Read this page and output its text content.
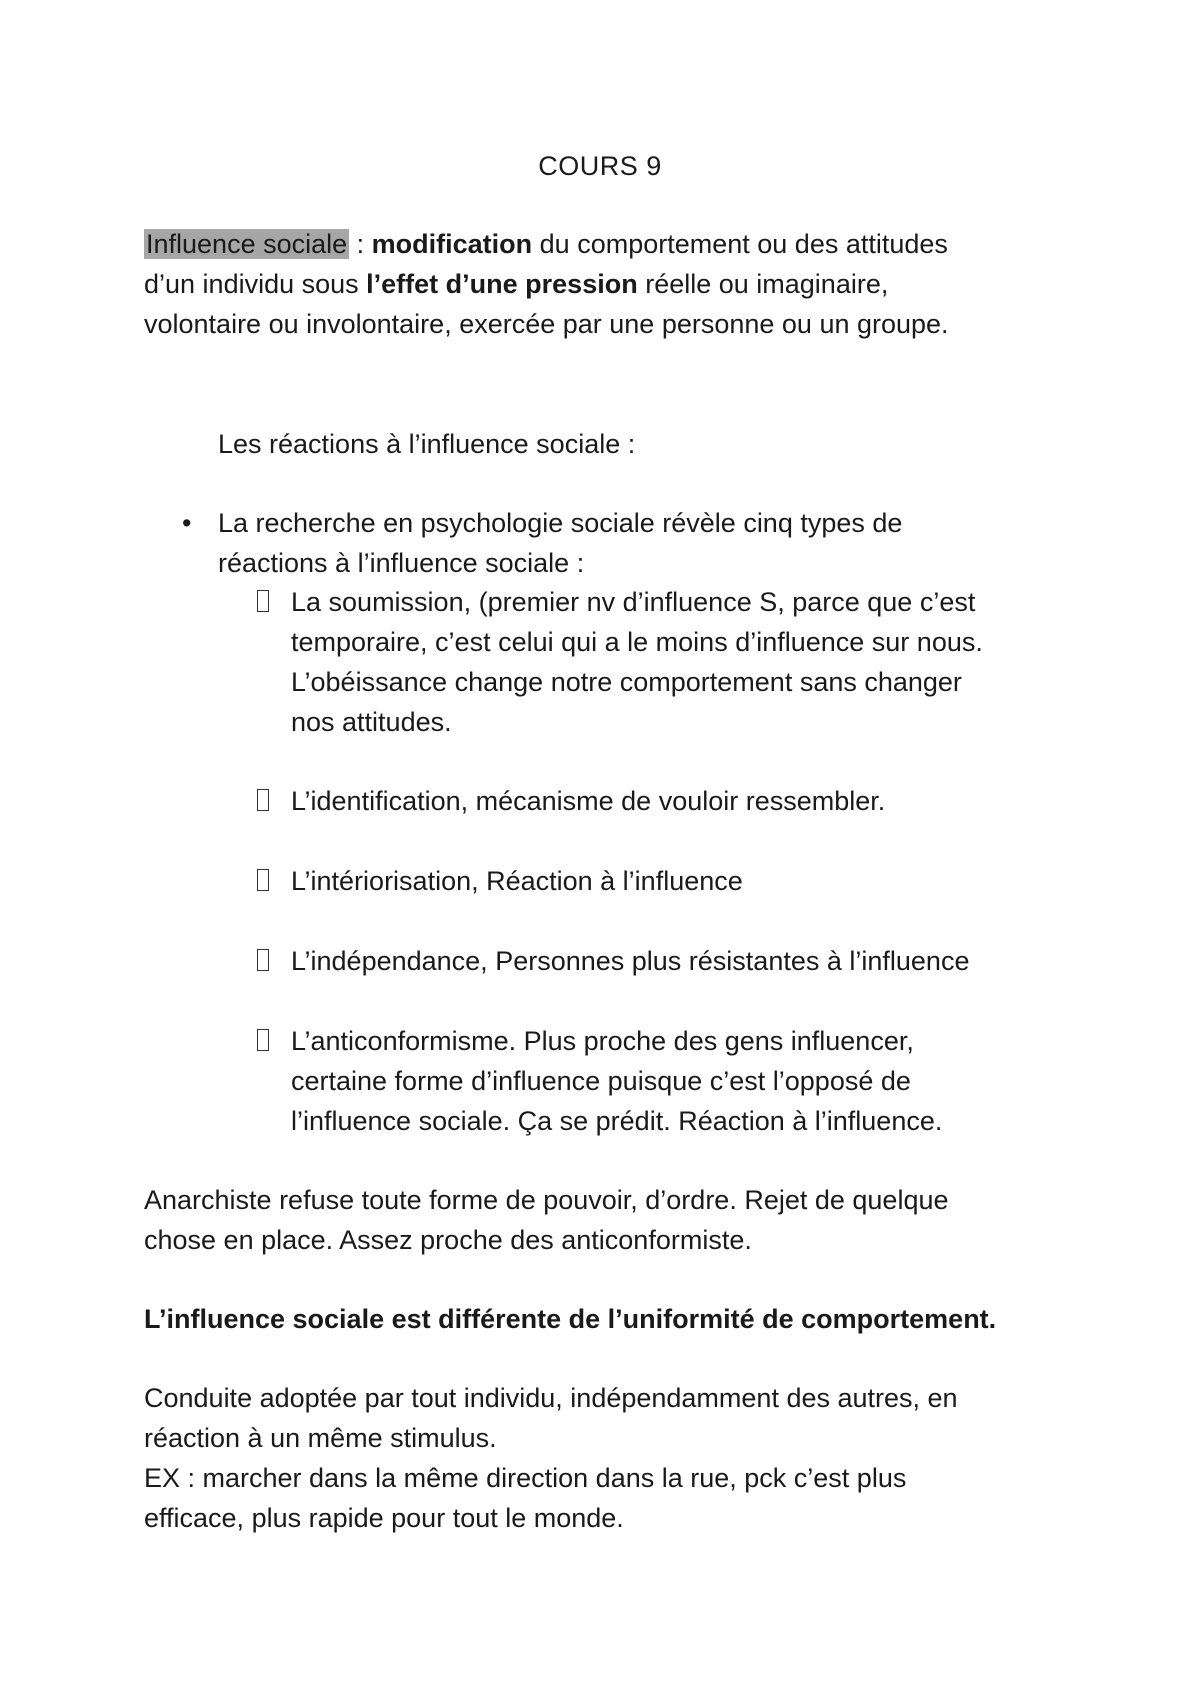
COURS 9
Influence sociale : modification du comportement ou des attitudes
d’un individu sous l’effet d’une pression réelle ou imaginaire,
volontaire ou involontaire, exercée par une personne ou un groupe.
Les réactions à l’influence sociale :
• La recherche en psychologie sociale révèle cinq types de
réactions à l’influence sociale :
La soumission, (premier nv d’influence S, parce que c’est
temporaire, c’est celui qui a le moins d’influence sur nous.
L’obéissance change notre comportement sans changer
nos attitudes.
L’identification, mécanisme de vouloir ressembler.
L’intériorisation, Réaction à l’influence
L’indépendance, Personnes plus résistantes à l’influence
L’anticonformisme. Plus proche des gens influencer,
certaine forme d’influence puisque c’est l’opposé de
l’influence sociale. Ça se prédit. Réaction à l’influence.
Anarchiste refuse toute forme de pouvoir, d’ordre. Rejet de quelque
chose en place. Assez proche des anticonformiste.
L’influence sociale est différente de l’uniformité de comportement.
Conduite adoptée par tout individu, indépendamment des autres, en
réaction à un même stimulus.
EX : marcher dans la même direction dans la rue, pck c’est plus
efficace, plus rapide pour tout le monde.
